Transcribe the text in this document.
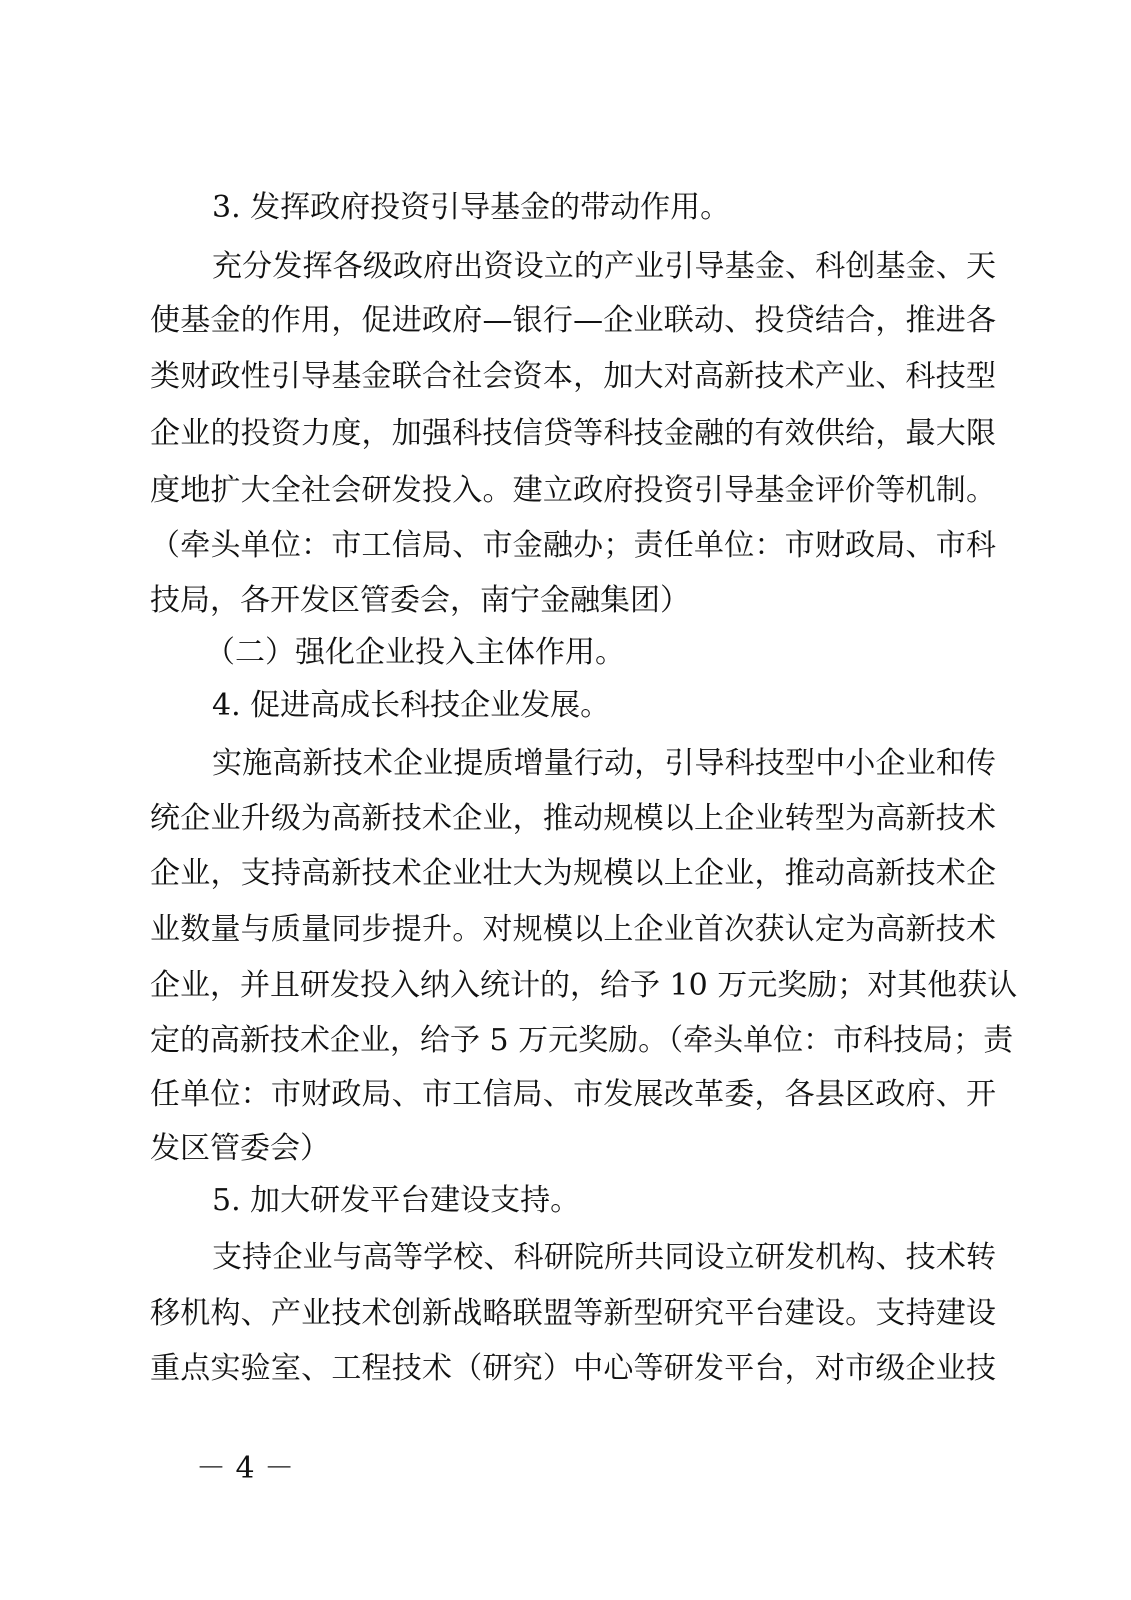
3. 发挥政府投资引导基金的带动作用。
充分发挥各级政府出资设立的产业引导基金、科创基金、天
使基金的作用，促进政府—银行—企业联动、投贷结合，推进各
类财政性引导基金联合社会资本，加大对高新技术产业、科技型
企业的投资力度，加强科技信贷等科技金融的有效供给，最大限
度地扩大全社会研发投入。建立政府投资引导基金评价等机制。
（牵头单位：市工信局、市金融办；责任单位：市财政局、市科
技局，各开发区管委会，南宁金融集团）
（二）强化企业投入主体作用。
4. 促进高成长科技企业发展。
实施高新技术企业提质增量行动，引导科技型中小企业和传
统企业升级为高新技术企业，推动规模以上企业转型为高新技术
企业，支持高新技术企业壮大为规模以上企业，推动高新技术企
业数量与质量同步提升。对规模以上企业首次获认定为高新技术
企业，并且研发投入纳入统计的，给予 10 万元奖励；对其他获认
定的高新技术企业，给予 5 万元奖励。（牵头单位：市科技局；责
任单位：市财政局、市工信局、市发展改革委，各县区政府、开
发区管委会）
5. 加大研发平台建设支持。
支持企业与高等学校、科研院所共同设立研发机构、技术转
移机构、产业技术创新战略联盟等新型研究平台建设。支持建设
重点实验室、工程技术（研究）中心等研发平台，对市级企业技
－ 4 －
